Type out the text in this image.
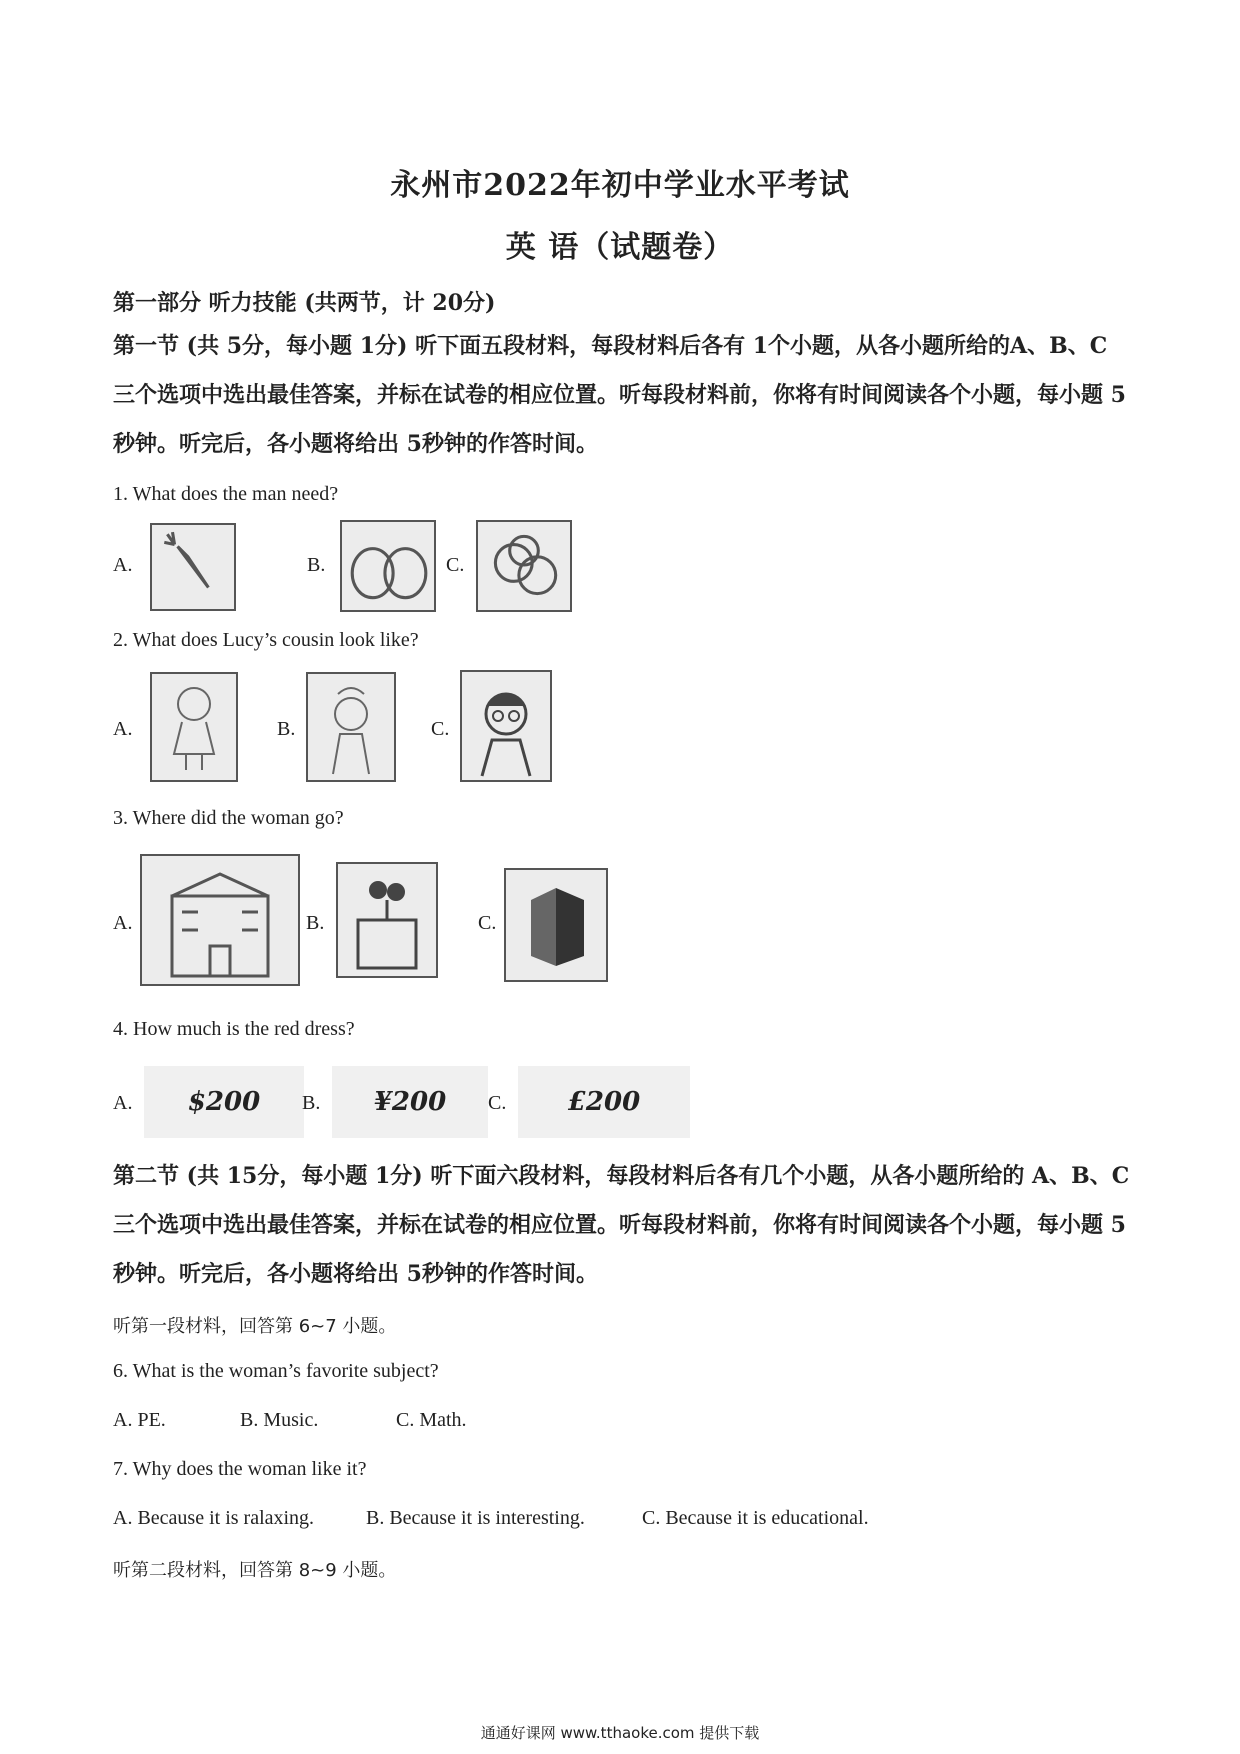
永州市2022年初中学业水平考试
英 语（试题卷）
第一部分 听力技能 (共两节，计 20分)
第一节 (共 5分，每小题 1分) 听下面五段材料，每段材料后各有 1个小题，从各小题所给的A、B、C 三个选项中选出最佳答案，并标在试卷的相应位置。听每段材料前，你将有时间阅读各个小题，每小题 5秒钟。听完后，各小题将给出 5秒钟的作答时间。
1. What does the man need?
A.	B.	C.
2. What does Lucy’s cousin look like?
A.	B.	C.
3. Where did the woman go?
A.	B.	C.
4. How much is the red dress?
A. $200 B. ¥200 C. £200
第二节 (共 15分，每小题 1分) 听下面六段材料，每段材料后各有几个小题，从各小题所给的 A、B、C 三个选项中选出最佳答案，并标在试卷的相应位置。听每段材料前，你将有时间阅读各个小题，每小题 5秒钟。听完后，各小题将给出 5秒钟的作答时间。
听第一段材料，回答第 6~7 小题。
6. What is the woman’s favorite subject?
A. PE.	B. Music.	C. Math.
7. Why does the woman like it?
A. Because it is ralaxing.	B. Because it is interesting.	C. Because it is educational.
听第二段材料，回答第 8~9 小题。
通通好课网 www.tthaoke.com 提供下载
